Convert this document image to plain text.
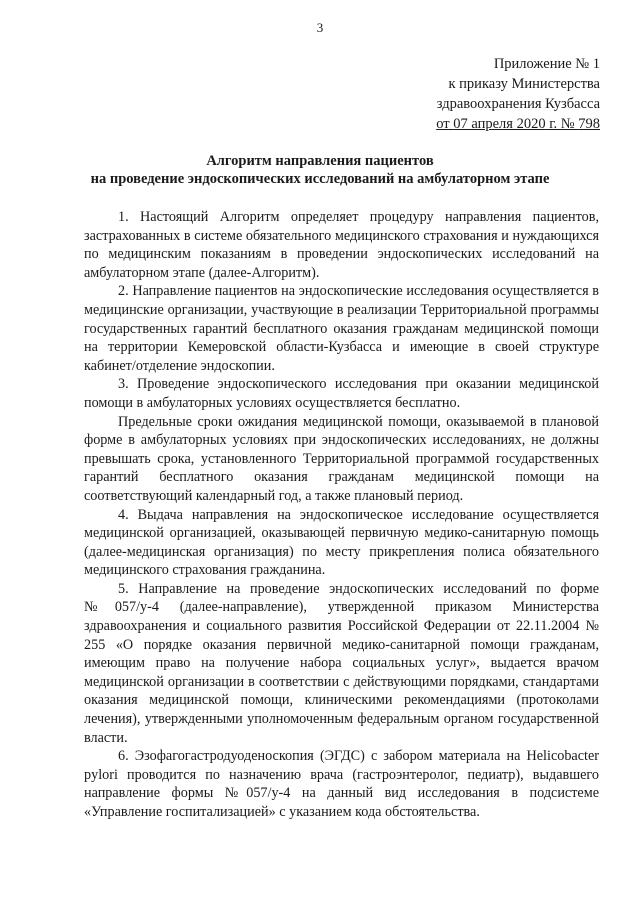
3
Приложение № 1
к приказу Министерства
здравоохранения Кузбасса
от 07 апреля 2020 г. № 798
Алгоритм направления пациентов
на проведение эндоскопических исследований на амбулаторном этапе

1. Настоящий Алгоритм определяет процедуру направления пациентов, застрахованных в системе обязательного медицинского страхования и нуждающихся по медицинским показаниям в проведении эндоскопических исследований на амбулаторном этапе (далее-Алгоритм).

2. Направление пациентов на эндоскопические исследования осуществляется в медицинские организации, участвующие в реализации Территориальной программы государственных гарантий бесплатного оказания гражданам медицинской помощи на территории Кемеровской области-Кузбасса и имеющие в своей структуре кабинет/отделение эндоскопии.

3. Проведение эндоскопического исследования при оказании медицинской помощи в амбулаторных условиях осуществляется бесплатно.

Предельные сроки ожидания медицинской помощи, оказываемой в плановой форме в амбулаторных условиях при эндоскопических исследованиях, не должны превышать срока, установленного Территориальной программой государственных гарантий бесплатного оказания гражданам медицинской помощи на соответствующий календарный год, а также плановый период.

4. Выдача направления на эндоскопическое исследование осуществляется медицинской организацией, оказывающей первичную медико-санитарную помощь (далее-медицинская организация) по месту прикрепления полиса обязательного медицинского страхования гражданина.

5. Направление на проведение эндоскопических исследований по форме №057/у-4 (далее-направление), утвержденной приказом Министерства здравоохранения и социального развития Российской Федерации от 22.11.2004 № 255 «О порядке оказания первичной медико-санитарной помощи гражданам, имеющим право на получение набора социальных услуг», выдается врачом медицинской организации в соответствии с действующими порядками, стандартами оказания медицинской помощи, клиническими рекомендациями (протоколами лечения), утвержденными уполномоченным федеральным органом государственной власти.

6. Эзофагогастродуоденоскопия (ЭГДС) с забором материала на Helicobacter pylori проводится по назначению врача (гастроэнтеролог, педиатр), выдавшего направление формы №057/у-4 на данный вид исследования в подсистеме «Управление госпитализацией» с указанием кода обстоятельства.
